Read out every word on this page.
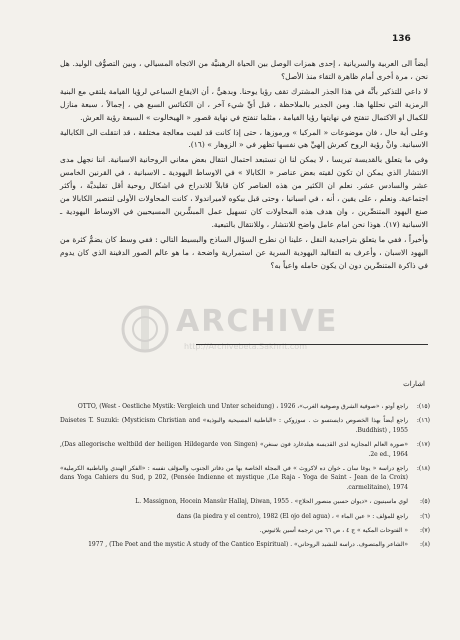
136

أيضاً الى العربية والسريانية ، إحدى همزات الوصل بين الحياة الرهبنيَّة من الاتجاه المسيالي ، وبين التصوُّف الوليد. هل نحن ، مرة أخرى أمام ظاهرة التقاء منذ الأصل؟

لا داعي للتذكير بأنَّه في هذا الجذر المشترك تقف رؤيا يوحنا. وبدهيٌّ ، أن الايقاع السباعي لرؤيا القيامة يلتقي مع البنية الرمزية التي نحللها هنا. ومن الجدير بالملاحظة ، قبل أيِّ شيء آخر ، ان الكنائس السبع هي ، إجمالاً ، سبعة منازل للكمال او الاكتمال تنفتح في نهايتها رؤيا القيامة ، مثلما تنفتح في نهاية قصور « الهيخالوت » السبعة رؤية العرش.

وعلى أية حال ، فان موضوعات « المركبا » ورموزها ، حتى إذا كانت قد لقيت معالجة مختلفة ، قد انتقلت الى الكابالية الاسبانية. وانَّ رؤية الروح كعرش إلهيِّ هي نفسها تظهر في « الزوهار » (١٦).

وفي ما يتعلق بالقديسة تيريسا ، لا يمكن لنا ان نستبعد احتمال انتقال بعض معاني الروحانية الاسبانية. اننا نجهل مدى الانتشار الذي يمكن ان تكون لقيته بعض عناصر « الكابالا » في الاوساط اليهودية ـ الاسبانية ، في القرنين الخامس عشر والسادس عشر. نعلم ان الكثير من هذه العناصر كان قابلاً للاندراج في اشكال روحية أقل تقليديَّة ، وأكثر اجتماعية. ونعلم ، على يقين ، أنه ، في اسبانيا ، وحتى قبل بيكوه لاميراندولا ، كانت المحاولات الأولى لتنصير الكابالا من صنع اليهود المتنصِّرين ، وان هدف هذه المحاولات كان تسهيل عمل المبشِّرين المسيحيين في الاوساط اليهودية ـ الاسبانية (١٧). هوذا نحن امام عامل واضح للانتشار ، وللانتقال بالتبعية.

وأخيراً ، ففي ما يتعلق بتراجيدية النقل ، علينا ان نطرح السؤال الساذج والبسيط التالي : ففي وسط كان يضمُّ كثرة من اليهود الاسبان ، وأعرف به التقاليد اليهودية السرية عن استمرارية واضحة ، ما هو عالم الصور الدفينة الذي كان يدوم في ذاكرة المتنصِّرين دون ان يكون حامله واعياً به؟

ARCHIVE
http://Archivebeta.Sakhrit.com
اشارات
(١٥):
راجع أوتو ، «صوفية الشرق وصوفية الغرب»، 1926 ، OTTO, (West - Oestliche Mystik: Vergleich und Unter scheidung)
(١٦):
راجع أيضاً بهذا الخصوص دايستسو ت . سوزوكي : «الباطنية المسيحية والبوذية» Daisetes T. Suzuki: (Mysticism Christian and Buddhist) , 1955.
(١٧):
«صورة العالم المجازية لدى القديسة هيلدغارد فون سنغن» (Das allegorische weltbild der heiligen Hildegarde von Singen), 2e ed., 1964.
(١٨):
راجع دراسة « يوغا سان ـ خوان ده لاكروث » في المجلة الخاصة بها من دفاتر الجنوب والمؤلف نفسه : «الفكر الهندي والباطنية الكرملية» (Le Raja - Yoga de Saint - Jean de la Croix), dans Yoga Cahiers du Sud, p 202, (Pensée Indienne et mystique carmelitaine), 1974.
(٥):
لوي ماسينيون ، «ديوان حسين منصور الحلاج» . L. Massignon, Hocein Mansûr Hallaj, Diwan, 1955
(٦):
راجع للمؤلف : « عين الماء » ، (El ojo del agua) dans (la piedra y el centro), 1982
(٧):
« الفتوحات المكية » ج ٤ ، ص ٦٦ من ترجمة أسين بلاثيوس.
(٨):
«الشاعر والمتصوف. دراسة للنشيد الروحاني» . (The Poet and the mystic A study of the Cantico Espiritual) , 1977
